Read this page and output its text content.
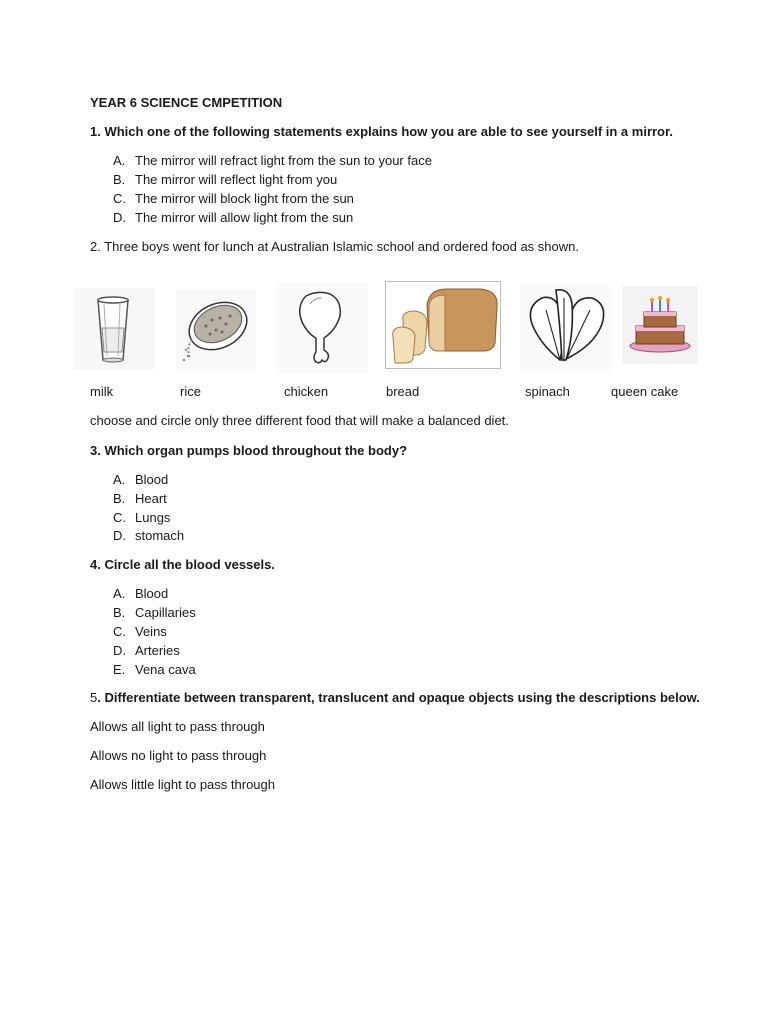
YEAR 6 SCIENCE CMPETITION
1. Which one of the following statements explains how you are able to see yourself in a mirror.
A. The mirror will refract light from the sun to your face
B. The mirror will reflect light from you
C. The mirror will block light from the sun
D. The mirror will allow light from the sun
2. Three boys went for lunch at Australian Islamic school and ordered food as shown.
milk	rice	chicken	bread	spinach	queen cake
choose and circle only three different food that will make a balanced diet.
3. Which organ pumps blood throughout the body?
A. Blood
B. Heart
C. Lungs
D. stomach
4. Circle all the blood vessels.
A. Blood
B. Capillaries
C. Veins
D. Arteries
E. Vena cava
5. Differentiate between transparent, translucent and opaque objects using the descriptions below.
Allows all light to pass through
Allows no light to pass through
Allows little light to pass through
